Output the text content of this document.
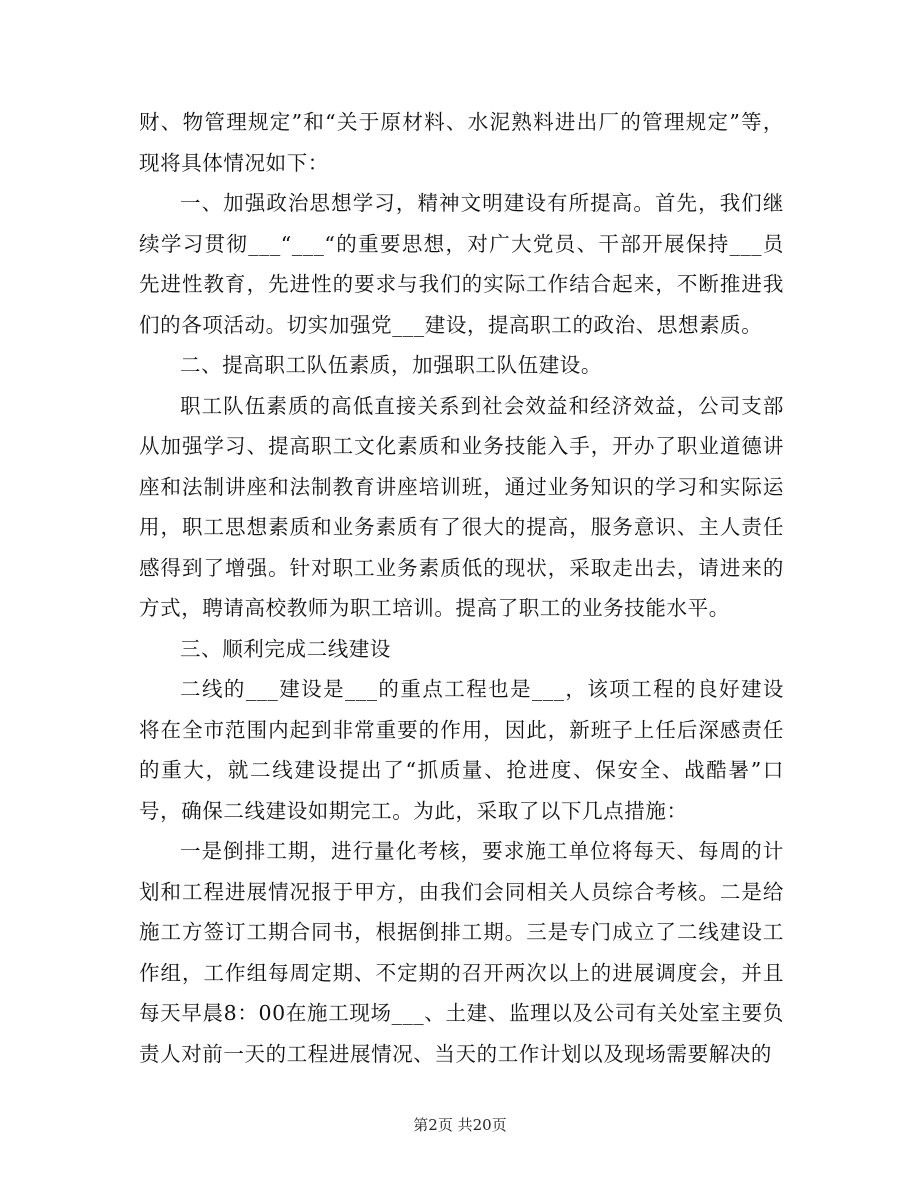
财、物管理规定”和“关于原材料、水泥熟料进出厂的管理规定”等，现将具体情况如下：

一、加强政治思想学习，精神文明建设有所提高。首先，我们继续学习贯彻___“___“的重要思想，对广大党员、干部开展保持___员先进性教育，先进性的要求与我们的实际工作结合起来，不断推进我们的各项活动。切实加强党___建设，提高职工的政治、思想素质。

二、提高职工队伍素质，加强职工队伍建设。

职工队伍素质的高低直接关系到社会效益和经济效益，公司支部从加强学习、提高职工文化素质和业务技能入手，开办了职业道德讲座和法制讲座和法制教育讲座培训班，通过业务知识的学习和实际运用，职工思想素质和业务素质有了很大的提高，服务意识、主人责任感得到了增强。针对职工业务素质低的现状，采取走出去，请进来的方式，聘请高校教师为职工培训。提高了职工的业务技能水平。

三、顺利完成二线建设

二线的___建设是___的重点工程也是___，该项工程的良好建设将在全市范围内起到非常重要的作用，因此，新班子上任后深感责任的重大，就二线建设提出了“抓质量、抢进度、保安全、战酷暑”口号，确保二线建设如期完工。为此，采取了以下几点措施：

一是倒排工期，进行量化考核，要求施工单位将每天、每周的计划和工程进展情况报于甲方，由我们会同相关人员综合考核。二是给施工方签订工期合同书，根据倒排工期。三是专门成立了二线建设工作组，工作组每周定期、不定期的召开两次以上的进展调度会，并且每天早晨8：00在施工现场___、土建、监理以及公司有关处室主要负责人对前一天的工程进展情况、当天的工作计划以及现场需要解决的

第2页 共20页
